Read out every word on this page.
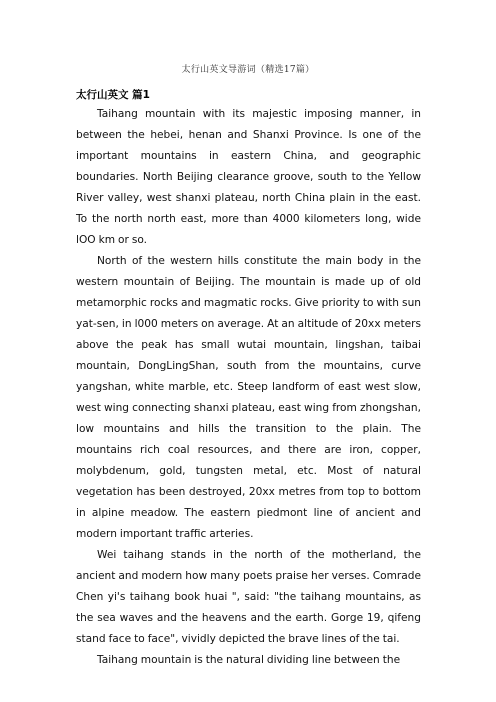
太行山英文导游词（精选17篇）
太行山英文 篇1

Taihang mountain with its majestic imposing manner, in between the hebei, henan and Shanxi Province. Is one of the important mountains in eastern China, and geographic boundaries. North Beijing clearance groove, south to the Yellow River valley, west shanxi plateau, north China plain in the east. To the north north east, more than 4000 kilometers long, wide lOO km or so.

North of the western hills constitute the main body in the western mountain of Beijing. The mountain is made up of old metamorphic rocks and magmatic rocks. Give priority to with sun yat-sen, in l000 meters on average. At an altitude of 20xx meters above the peak has small wutai mountain, lingshan, taibai mountain, DongLingShan, south from the mountains, curve yangshan, white marble, etc. Steep landform of east west slow, west wing connecting shanxi plateau, east wing from zhongshan, low mountains and hills the transition to the plain. The mountains rich coal resources, and there are iron, copper, molybdenum, gold, tungsten metal, etc. Most of natural vegetation has been destroyed, 20xx metres from top to bottom in alpine meadow. The eastern piedmont line of ancient and modern important traffic arteries.

Wei taihang stands in the north of the motherland, the ancient and modern how many poets praise her verses. Comrade Chen yi's taihang book huai ", said: "the taihang mountains, as the sea waves and the heavens and the earth. Gorge 19, qifeng stand face to face", vividly depicted the brave lines of the tai.

Taihang mountain is the natural dividing line between the
